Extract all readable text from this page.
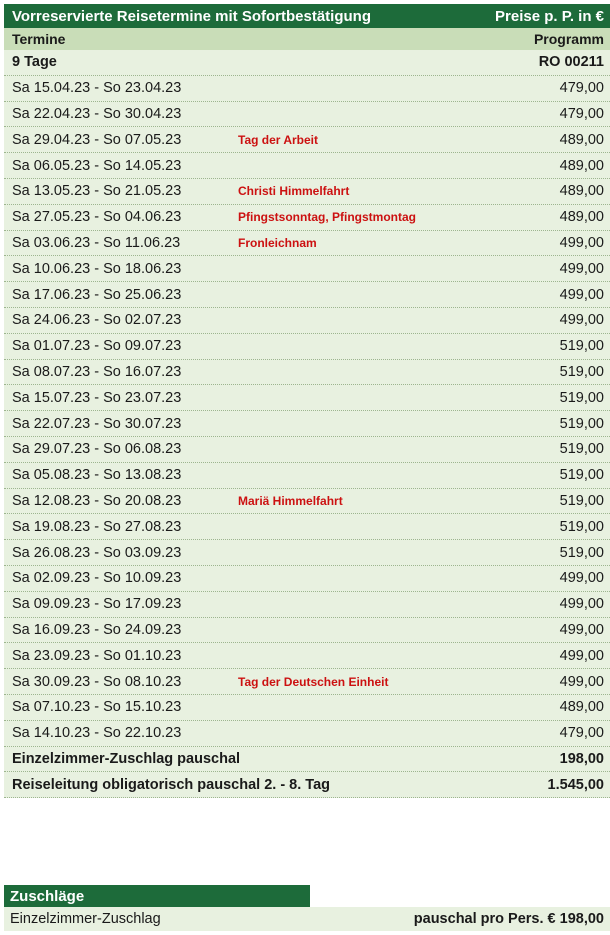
Vorreservierte Reisetermine mit Sofortbestätigung	Preise p. P. in €
Termine	Programm
9 Tage	RO 00211
Sa 15.04.23 - So 23.04.23	479,00
Sa 22.04.23 - So 30.04.23	479,00
Sa 29.04.23 - So 07.05.23	Tag der Arbeit	489,00
Sa 06.05.23 - So 14.05.23	489,00
Sa 13.05.23 - So 21.05.23	Christi Himmelfahrt	489,00
Sa 27.05.23 - So 04.06.23	Pfingstsonntag, Pfingstmontag	489,00
Sa 03.06.23 - So 11.06.23	Fronleichnam	499,00
Sa 10.06.23 - So 18.06.23	499,00
Sa 17.06.23 - So 25.06.23	499,00
Sa 24.06.23 - So 02.07.23	499,00
Sa 01.07.23 - So 09.07.23	519,00
Sa 08.07.23 - So 16.07.23	519,00
Sa 15.07.23 - So 23.07.23	519,00
Sa 22.07.23 - So 30.07.23	519,00
Sa 29.07.23 - So 06.08.23	519,00
Sa 05.08.23 - So 13.08.23	519,00
Sa 12.08.23 - So 20.08.23	Mariä Himmelfahrt	519,00
Sa 19.08.23 - So 27.08.23	519,00
Sa 26.08.23 - So 03.09.23	519,00
Sa 02.09.23 - So 10.09.23	499,00
Sa 09.09.23 - So 17.09.23	499,00
Sa 16.09.23 - So 24.09.23	499,00
Sa 23.09.23 - So 01.10.23	499,00
Sa 30.09.23 - So 08.10.23	Tag der Deutschen Einheit	499,00
Sa 07.10.23 - So 15.10.23	489,00
Sa 14.10.23 - So 22.10.23	479,00
Einzelzimmer-Zuschlag pauschal	198,00
Reiseleitung obligatorisch pauschal 2. - 8. Tag	1.545,00
Zuschläge
Einzelzimmer-Zuschlag	pauschal pro Pers. € 198,00
